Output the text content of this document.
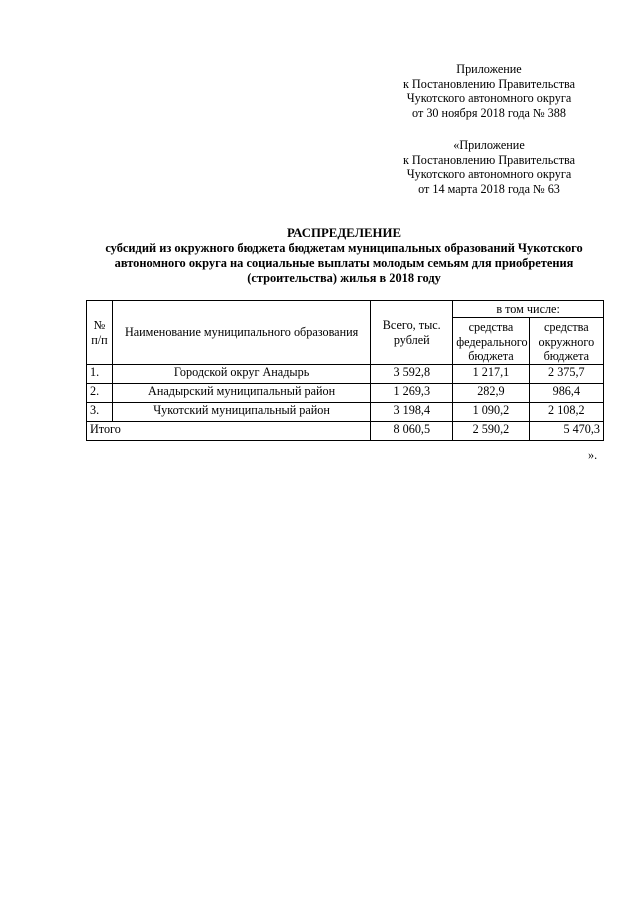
Приложение
к Постановлению Правительства
Чукотского автономного округа
от 30 ноября 2018 года № 388
«Приложение
к Постановлению Правительства
Чукотского автономного округа
от 14 марта 2018 года № 63
РАСПРЕДЕЛЕНИЕ
субсидий из окружного бюджета бюджетам муниципальных образований Чукотского
автономного округа на социальные выплаты молодым семьям для приобретения
(строительства) жилья в 2018 году
№ п/п	Наименование муниципального образования	Всего, тыс. рублей	в том числе:	
			средства федерального бюджета	средства окружного бюджета
1.	Городской округ Анадырь	3 592,8	1 217,1	2 375,7
2.	Анадырский муниципальный район	1 269,3	282,9	986,4
3.	Чукотский муниципальный район	3 198,4	1 090,2	2 108,2
Итого		8 060,5	2 590,2	5 470,3
».
